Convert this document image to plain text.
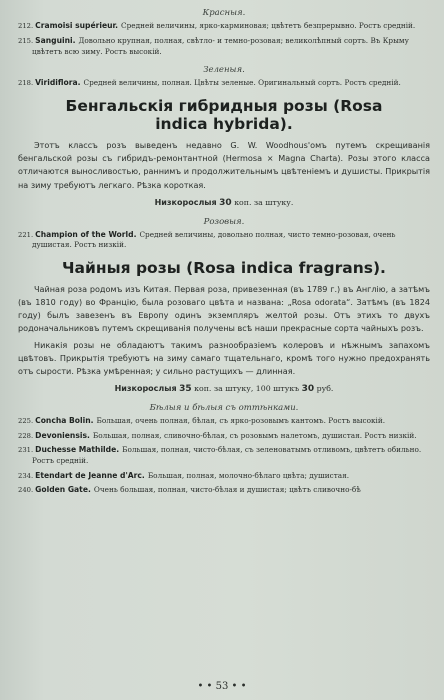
Красныя.
212. Cramoisi supérieur. Средней величины, ярко-карминовая; цвѣтетъ безпрерывно. Ростъ средній.
215. Sanguini. Довольно крупная, полная, свѣтло- и темно-розовая; великолѣпный сортъ. Въ Крыму цвѣтетъ всю зиму. Ростъ высокій.
Зеленыя.
218. Viridiflora. Средней величины, полная. Цвѣты зеленые. Оригинальный сортъ. Ростъ средній.
Бенгальскія гибридныя розы (Rosa
indica hybrida).
Этотъ классъ розъ выведенъ недавно G. W. Woodhous'омъ путемъ скрещиванія бенгальской розы съ гибридъ-ремонтантной (Hermosa × Magna Charta). Розы этого класса отличаются выносливостью, раннимъ и продолжительнымъ цвѣтеніемъ и душисты. Прикрытія на зиму требуютъ легкаго. Рѣзка короткая.
Низкорослыя 30 коп. за штуку.
Розовыя.
221. Champion of the World. Средней величины, довольно полная, чисто темно-розовая, очень душистая. Ростъ низкій.
Чайныя розы (Rosa indica fragrans).
Чайная роза родомъ изъ Китая. Первая роза, привезенная (въ 1789 г.) въ Англію, а затѣмъ (въ 1810 году) во Францію, была розоваго цвѣта и названа: „Rosa odorata“. Затѣмъ (въ 1824 году) былъ завезенъ въ Европу одинъ экземпляръ желтой розы. Отъ этихъ то двухъ родоначальниковъ путемъ скрещиванія получены всѣ наши прекрасные сорта чайныхъ розъ.
Никакія розы не обладаютъ такимъ разнообразіемъ колеровъ и нѣжнымъ запахомъ цвѣтовъ. Прикрытія требуютъ на зиму самаго тщательнаго, кромѣ того нужно предохранять отъ сырости. Рѣзка умѣренная; у сильно растущихъ — длинная.
Низкорослыя 35 коп. за штуку, 100 штукъ 30 руб.
Бѣлыя и бѣлыя съ оттѣнками.
225. Concha Bolin. Большая, очень полная, бѣлая, съ ярко-розовымъ кантомъ. Ростъ высокій.
228. Devoniensis. Большая, полная, сливочно-бѣлая, съ розовымъ налетомъ, душистая. Ростъ низкій.
231. Duchesse Mathilde. Большая, полная, чисто-бѣлая, съ зеленоватымъ отливомъ, цвѣтетъ обильно. Ростъ средній.
234. Etendart de Jeanne d'Arc. Большая, полная, молочно-бѣлаго цвѣта; душистая.
240. Golden Gate. Очень большая, полная, чисто-бѣлая и душистая; цвѣтъ сливочно-бѣ
• • 53 • •
